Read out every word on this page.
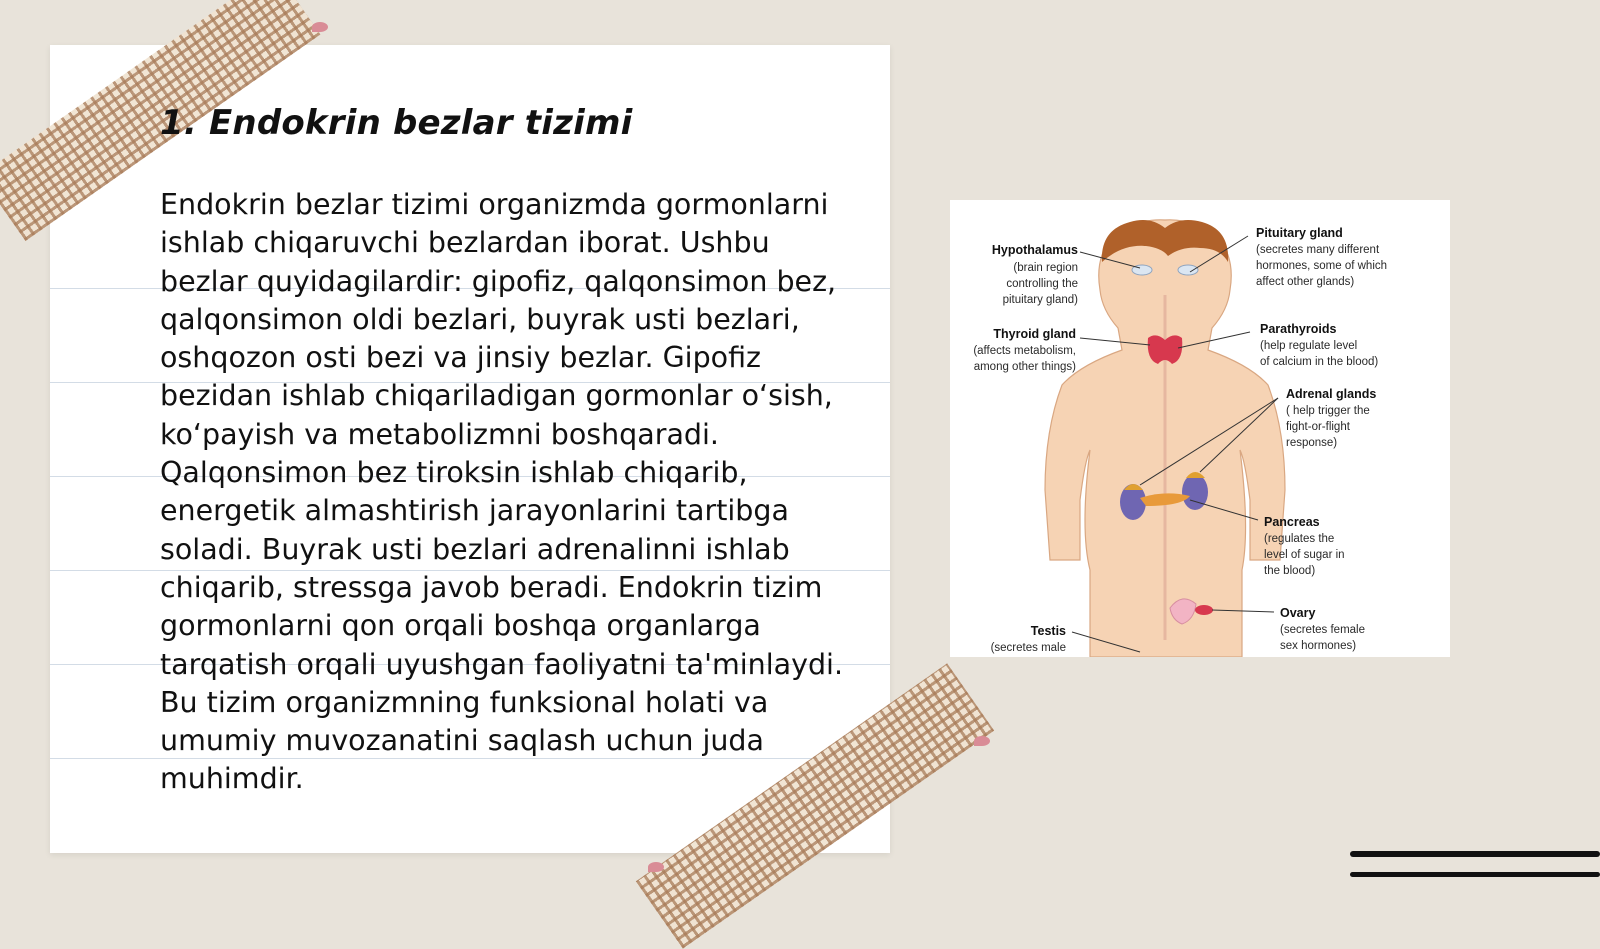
1. Endokrin bezlar tizimi

Endokrin bezlar tizimi organizmda gormonlarni ishlab chiqaruvchi bezlardan iborat. Ushbu bezlar quyidagilardir: gipofiz, qalqonsimon bez, qalqonsimon oldi bezlari, buyrak usti bezlari, oshqozon osti bezi va jinsiy bezlar. Gipofiz bezidan ishlab chiqariladigan gormonlar o‘sish, ko‘payish va metabolizmni boshqaradi. Qalqonsimon bez tiroksin ishlab chiqarib, energetik almashtirish jarayonlarini tartibga soladi. Buyrak usti bezlari adrenalinni ishlab chiqarib, stressga javob beradi. Endokrin tizim gormonlarni qon orqali boshqa organlarga tarqatish orqali uyushgan faoliyatni ta'minlaydi. Bu tizim organizmning funksional holati va umumiy muvozanatini saqlash uchun juda muhimdir.

Hypothalamus
(brain region
controlling the
pituitary gland)
Pituitary gland
(secretes many different
hormones, some of which
affect other glands)
Thyroid gland
(affects metabolism,
among other things)
Parathyroids
(help regulate level
of calcium in the blood)
Adrenal glands
( help trigger the
fight-or-flight
response)
Pancreas
(regulates the
level of sugar in
the blood)
Ovary
(secretes female
sex hormones)
Testis
(secretes male
